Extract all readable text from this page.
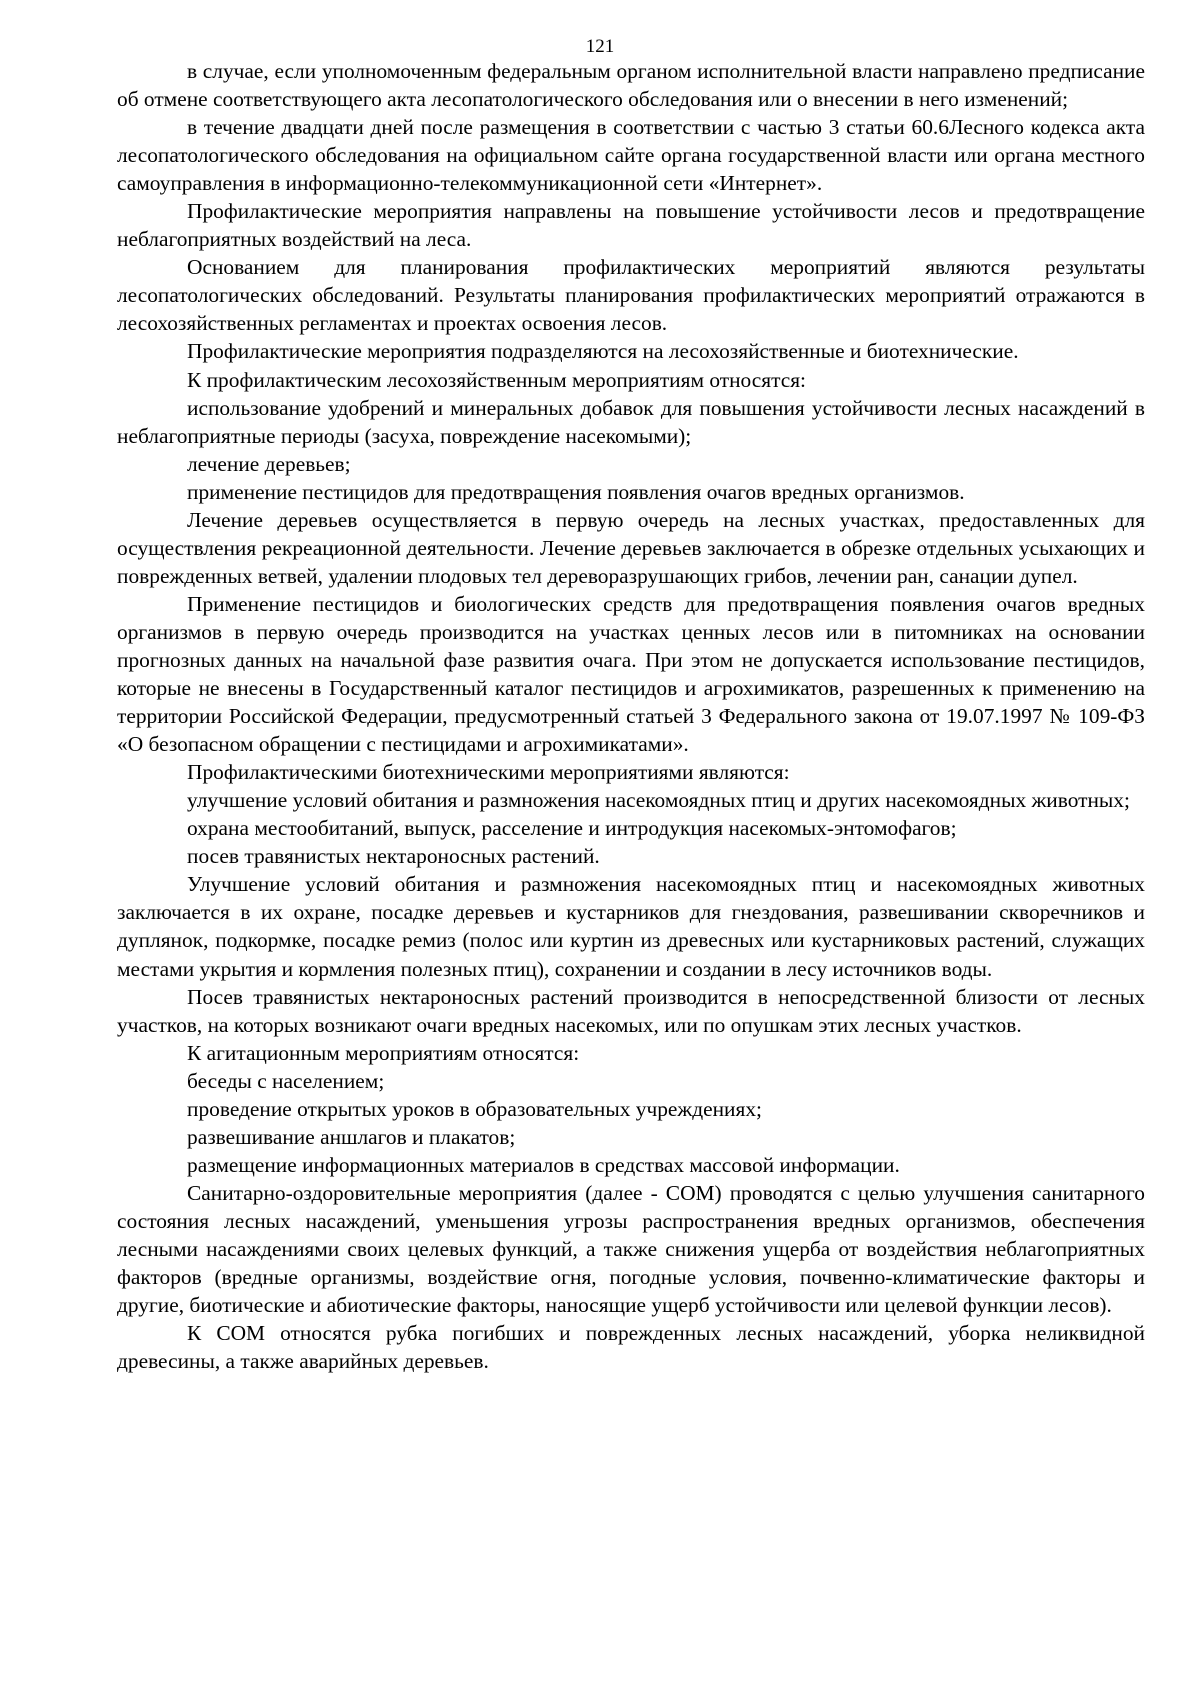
121

в случае, если уполномоченным федеральным органом исполнительной власти направлено предписание об отмене соответствующего акта лесопатологического обследования или о внесении в него изменений;

в течение двадцати дней после размещения в соответствии с частью 3 статьи 60.6Лесного кодекса акта лесопатологического обследования на официальном сайте органа государственной власти или органа местного самоуправления в информационно-телекоммуникационной сети «Интернет».

Профилактические мероприятия направлены на повышение устойчивости лесов и предотвращение неблагоприятных воздействий на леса.

Основанием для планирования профилактических мероприятий являются результаты лесопатологических обследований. Результаты планирования профилактических мероприятий отражаются в лесохозяйственных регламентах и проектах освоения лесов.

Профилактические мероприятия подразделяются на лесохозяйственные и биотехнические.

К профилактическим лесохозяйственным мероприятиям относятся:

использование удобрений и минеральных добавок для повышения устойчивости лесных насаждений в неблагоприятные периоды (засуха, повреждение насекомыми);

лечение деревьев;

применение пестицидов для предотвращения появления очагов вредных организмов.

Лечение деревьев осуществляется в первую очередь на лесных участках, предоставленных для осуществления рекреационной деятельности. Лечение деревьев заключается в обрезке отдельных усыхающих и поврежденных ветвей, удалении плодовых тел дереворазрушающих грибов, лечении ран, санации дупел.

Применение пестицидов и биологических средств для предотвращения появления очагов вредных организмов в первую очередь производится на участках ценных лесов или в питомниках на основании прогнозных данных на начальной фазе развития очага. При этом не допускается использование пестицидов, которые не внесены в Государственный каталог пестицидов и агрохимикатов, разрешенных к применению на территории Российской Федерации, предусмотренный статьей 3 Федерального закона от 19.07.1997 № 109-ФЗ «О безопасном обращении с пестицидами и агрохимикатами».

Профилактическими биотехническими мероприятиями являются:

улучшение условий обитания и размножения насекомоядных птиц и других насекомоядных животных;

охрана местообитаний, выпуск, расселение и интродукция насекомых-энтомофагов;

посев травянистых нектароносных растений.

Улучшение условий обитания и размножения насекомоядных птиц и насекомоядных животных заключается в их охране, посадке деревьев и кустарников для гнездования, развешивании скворечников и дуплянок, подкормке, посадке ремиз (полос или куртин из древесных или кустарниковых растений, служащих местами укрытия и кормления полезных птиц), сохранении и создании в лесу источников воды.

Посев травянистых нектароносных растений производится в непосредственной близости от лесных участков, на которых возникают очаги вредных насекомых, или по опушкам этих лесных участков.

К агитационным мероприятиям относятся:

беседы с населением;

проведение открытых уроков в образовательных учреждениях;

развешивание аншлагов и плакатов;

размещение информационных материалов в средствах массовой информации.

Санитарно-оздоровительные мероприятия (далее - СОМ) проводятся с целью улучшения санитарного состояния лесных насаждений, уменьшения угрозы распространения вредных организмов, обеспечения лесными насаждениями своих целевых функций, а также снижения ущерба от воздействия неблагоприятных факторов (вредные организмы, воздействие огня, погодные условия, почвенно-климатические факторы и другие, биотические и абиотические факторы, наносящие ущерб устойчивости или целевой функции лесов).

К СОМ относятся рубка погибших и поврежденных лесных насаждений, уборка неликвидной древесины, а также аварийных деревьев.
